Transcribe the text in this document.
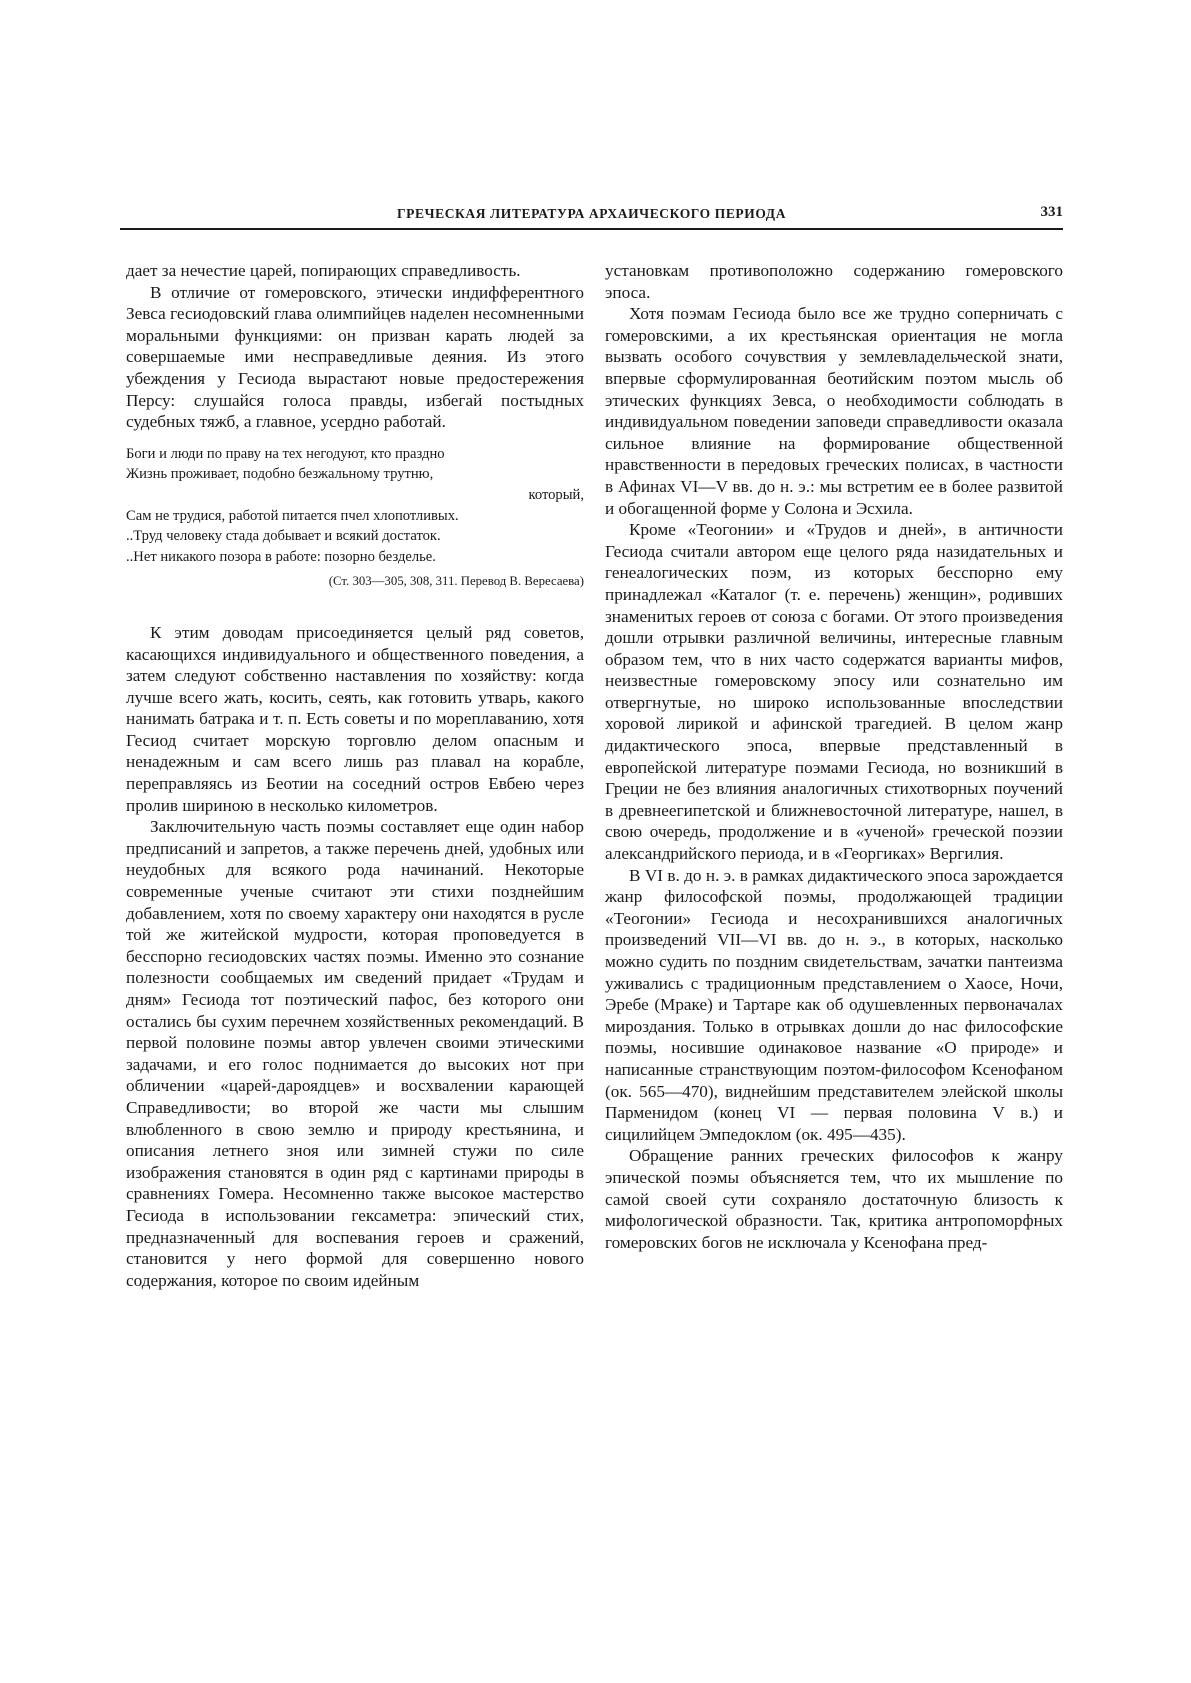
ГРЕЧЕСКАЯ ЛИТЕРАТУРА АРХАИЧЕСКОГО ПЕРИОДА	331

дает за нечестие царей, попирающих справедливость.

В отличие от гомеровского, этически индифферентного Зевса гесиодовский глава олимпийцев наделен несомненными моральными функциями: он призван карать людей за совершаемые ими несправедливые деяния. Из этого убеждения у Гесиода вырастают новые предостережения Персу: слушайся голоса правды, избегай постыдных судебных тяжб, а главное, усердно работай.

Боги и люди по праву на тех негодуют, кто праздно
Жизнь проживает, подобно безжальному трутню,
который,
Сам не трудися, работой питается пчел хлопотливых.
..Труд человеку стада добывает и всякий достаток.
..Нет никакого позора в работе: позорно безделье.
(Ст. 303—305, 308, 311. Перевод В. Вересаева)

К этим доводам присоединяется целый ряд советов, касающихся индивидуального и общественного поведения, а затем следуют собственно наставления по хозяйству: когда лучше всего жать, косить, сеять, как готовить утварь, какого нанимать батрака и т. п. Есть советы и по мореплаванию, хотя Гесиод считает морскую торговлю делом опасным и ненадежным и сам всего лишь раз плавал на корабле, переправляясь из Беотии на соседний остров Евбею через пролив шириною в несколько километров.

Заключительную часть поэмы составляет еще один набор предписаний и запретов, а также перечень дней, удобных или неудобных для всякого рода начинаний. Некоторые современные ученые считают эти стихи позднейшим добавлением, хотя по своему характеру они находятся в русле той же житейской мудрости, которая проповедуется в бесспорно гесиодовских частях поэмы. Именно это сознание полезности сообщаемых им сведений придает «Трудам и дням» Гесиода тот поэтический пафос, без которого они остались бы сухим перечнем хозяйственных рекомендаций. В первой половине поэмы автор увлечен своими этическими задачами, и его голос поднимается до высоких нот при обличении «царей-дароядцев» и восхвалении карающей Справедливости; во второй же части мы слышим влюбленного в свою землю и природу крестьянина, и описания летнего зноя или зимней стужи по силе изображения становятся в один ряд с картинами природы в сравнениях Гомера. Несомненно также высокое мастерство Гесиода в использовании гексаметра: эпический стих, предназначенный для воспевания героев и сражений, становится у него формой для совершенно нового содержания, которое по своим идейным

установкам противоположно содержанию гомеровского эпоса.

Хотя поэмам Гесиода было все же трудно соперничать с гомеровскими, а их крестьянская ориентация не могла вызвать особого сочувствия у землевладельческой знати, впервые сформулированная беотийским поэтом мысль об этических функциях Зевса, о необходимости соблюдать в индивидуальном поведении заповеди справедливости оказала сильное влияние на формирование общественной нравственности в передовых греческих полисах, в частности в Афинах VI—V вв. до н. э.: мы встретим ее в более развитой и обогащенной форме у Солона и Эсхила.

Кроме «Теогонии» и «Трудов и дней», в античности Гесиода считали автором еще целого ряда назидательных и генеалогических поэм, из которых бесспорно ему принадлежал «Каталог (т. е. перечень) женщин», родивших знаменитых героев от союза с богами. От этого произведения дошли отрывки различной величины, интересные главным образом тем, что в них часто содержатся варианты мифов, неизвестные гомеровскому эпосу или сознательно им отвергнутые, но широко использованные впоследствии хоровой лирикой и афинской трагедией. В целом жанр дидактического эпоса, впервые представленный в европейской литературе поэмами Гесиода, но возникший в Греции не без влияния аналогичных стихотворных поучений в древнеегипетской и ближневосточной литературе, нашел, в свою очередь, продолжение и в «ученой» греческой поэзии александрийского периода, и в «Георгиках» Вергилия.

В VI в. до н. э. в рамках дидактического эпоса зарождается жанр философской поэмы, продолжающей традиции «Теогонии» Гесиода и несохранившихся аналогичных произведений VII—VI вв. до н. э., в которых, насколько можно судить по поздним свидетельствам, зачатки пантеизма уживались с традиционным представлением о Хаосе, Ночи, Эребе (Мраке) и Тартаре как об одушевленных первоначалах мироздания. Только в отрывках дошли до нас философские поэмы, носившие одинаковое название «О природе» и написанные странствующим поэтом-философом Ксенофаном (ок. 565—470), виднейшим представителем элейской школы Парменидом (конец VI — первая половина V в.) и сицилийцем Эмпедоклом (ок. 495—435).

Обращение ранних греческих философов к жанру эпической поэмы объясняется тем, что их мышление по самой своей сути сохраняло достаточную близость к мифологической образности. Так, критика антропоморфных гомеровских богов не исключала у Ксенофана пред-
